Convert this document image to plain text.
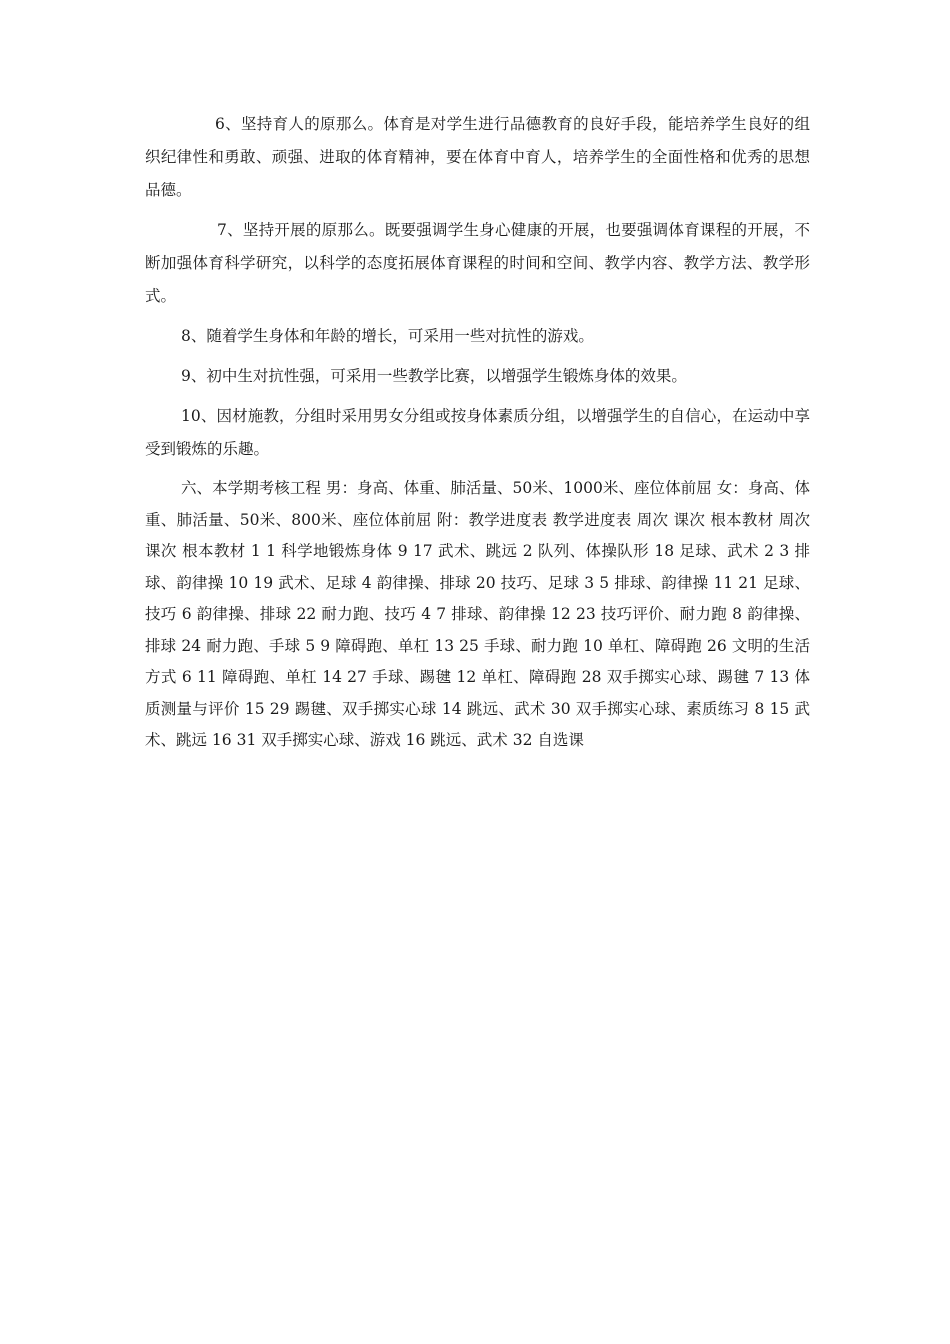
6、坚持育人的原那么。体育是对学生进行品德教育的良好手段，能培养学生良好的组织纪律性和勇敢、顽强、进取的体育精神，要在体育中育人，培养学生的全面性格和优秀的思想品德。

7、坚持开展的原那么。既要强调学生身心健康的开展，也要强调体育课程的开展，不断加强体育科学研究，以科学的态度拓展体育课程的时间和空间、教学内容、教学方法、教学形式。

8、随着学生身体和年龄的增长，可采用一些对抗性的游戏。

9、初中生对抗性强，可采用一些教学比赛，以增强学生锻炼身体的效果。

10、因材施教，分组时采用男女分组或按身体素质分组，以增强学生的自信心，在运动中享受到锻炼的乐趣。

六、本学期考核工程 男：身高、体重、肺活量、50米、1000米、座位体前屈 女：身高、体重、肺活量、50米、800米、座位体前屈 附：教学进度表 教学进度表 周次 课次 根本教材 周次 课次 根本教材 1 1 科学地锻炼身体 9 17 武术、跳远 2 队列、体操队形 18 足球、武术 2 3 排球、韵律操 10 19 武术、足球 4 韵律操、排球 20 技巧、足球 3 5 排球、韵律操 11 21 足球、技巧 6 韵律操、排球 22 耐力跑、技巧 4 7 排球、韵律操 12 23 技巧评价、耐力跑 8 韵律操、排球 24 耐力跑、手球 5 9 障碍跑、单杠 13 25 手球、耐力跑 10 单杠、障碍跑 26 文明的生活方式 6 11 障碍跑、单杠 14 27 手球、踢毽 12 单杠、障碍跑 28 双手掷实心球、踢毽 7 13 体质测量与评价 15 29 踢毽、双手掷实心球 14 跳远、武术 30 双手掷实心球、素质练习 8 15 武术、跳远 16 31 双手掷实心球、游戏 16 跳远、武术 32 自选课
